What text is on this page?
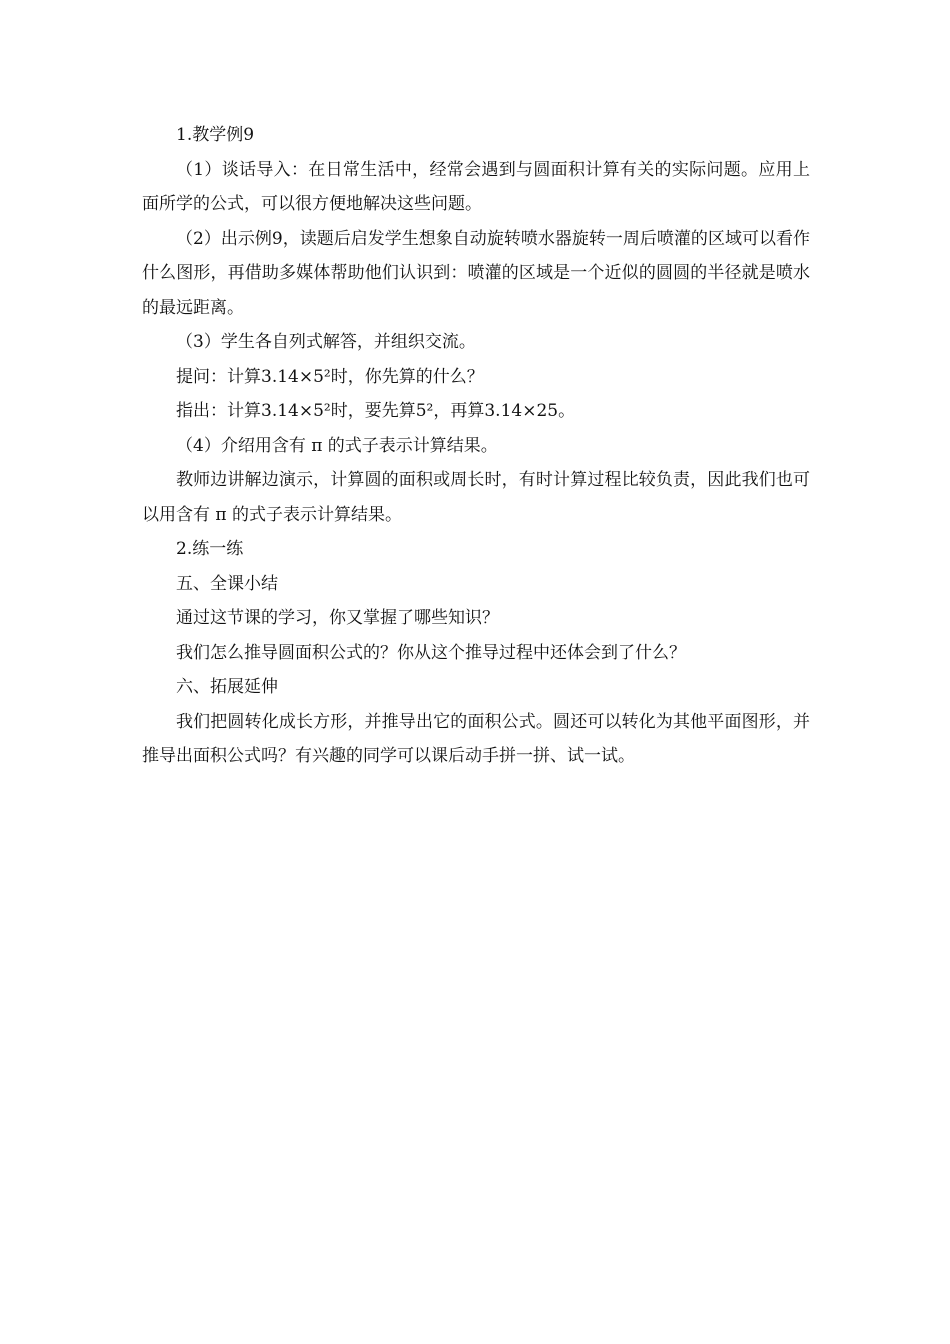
1.教学例9

（1）谈话导入：在日常生活中，经常会遇到与圆面积计算有关的实际问题。应用上面所学的公式，可以很方便地解决这些问题。

（2）出示例9，读题后启发学生想象自动旋转喷水器旋转一周后喷灌的区域可以看作什么图形，再借助多媒体帮助他们认识到：喷灌的区域是一个近似的圆圆的半径就是喷水的最远距离。

（3）学生各自列式解答，并组织交流。

提问：计算3.14×5²时，你先算的什么？

指出：计算3.14×5²时，要先算5²，再算3.14×25。

（4）介绍用含有 π 的式子表示计算结果。

教师边讲解边演示，计算圆的面积或周长时，有时计算过程比较负责，因此我们也可以用含有 π 的式子表示计算结果。

2.练一练

五、全课小结

通过这节课的学习，你又掌握了哪些知识？

我们怎么推导圆面积公式的？你从这个推导过程中还体会到了什么？

六、拓展延伸

我们把圆转化成长方形，并推导出它的面积公式。圆还可以转化为其他平面图形，并推导出面积公式吗？有兴趣的同学可以课后动手拼一拼、试一试。
